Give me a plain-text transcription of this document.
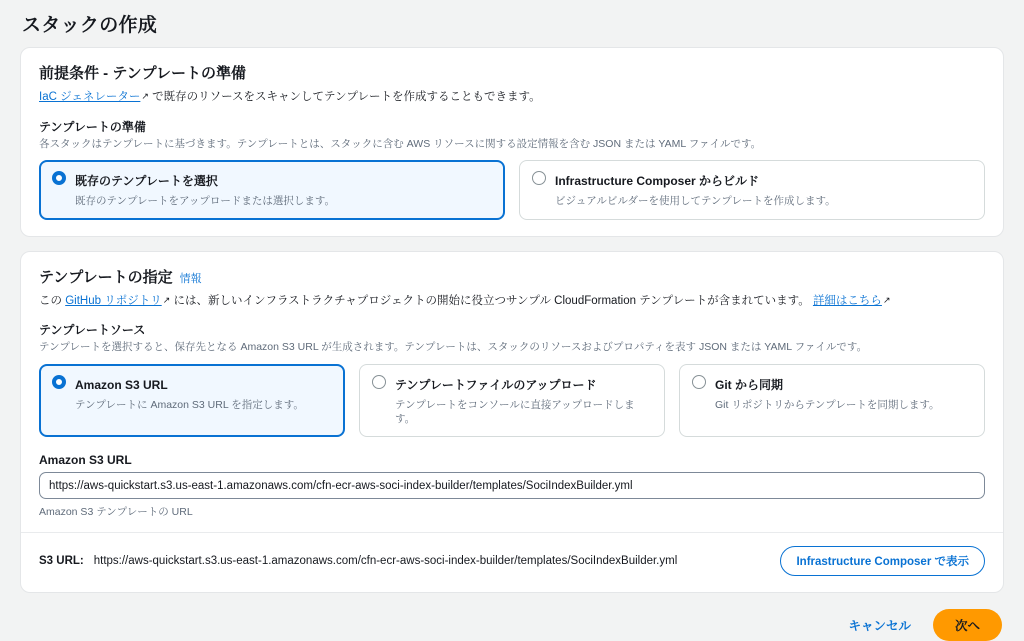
スタックの作成
前提条件 - テンプレートの準備
IaC ジェネレーター↗ で既存のリソースをスキャンしてテンプレートを作成することもできます。
テンプレートの準備
各スタックはテンプレートに基づきます。テンプレートとは、スタックに含む AWS リソースに関する設定情報を含む JSON または YAML ファイルです。
既存のテンプレートを選択
既存のテンプレートをアップロードまたは選択します。
Infrastructure Composer からビルド
ビジュアルビルダーを使用してテンプレートを作成します。
テンプレートの指定 情報
この GitHub リポジトリ↗ には、新しいインフラストラクチャプロジェクトの開始に役立つサンプル CloudFormation テンプレートが含まれています。 詳細はこちら↗
テンプレートソース
テンプレートを選択すると、保存先となる Amazon S3 URL が生成されます。テンプレートは、スタックのリソースおよびプロパティを表す JSON または YAML ファイルです。
Amazon S3 URL
テンプレートに Amazon S3 URL を指定します。
テンプレートファイルのアップロード
テンプレートをコンソールに直接アップロードします。
Git から同期
Git リポジトリからテンプレートを同期します。
Amazon S3 URL
https://aws-quickstart.s3.us-east-1.amazonaws.com/cfn-ecr-aws-soci-index-builder/templates/SociIndexBuilder.yml
Amazon S3 テンプレートの URL
S3 URL: https://aws-quickstart.s3.us-east-1.amazonaws.com/cfn-ecr-aws-soci-index-builder/templates/SociIndexBuilder.yml	Infrastructure Composer で表示
キャンセル	次へ
